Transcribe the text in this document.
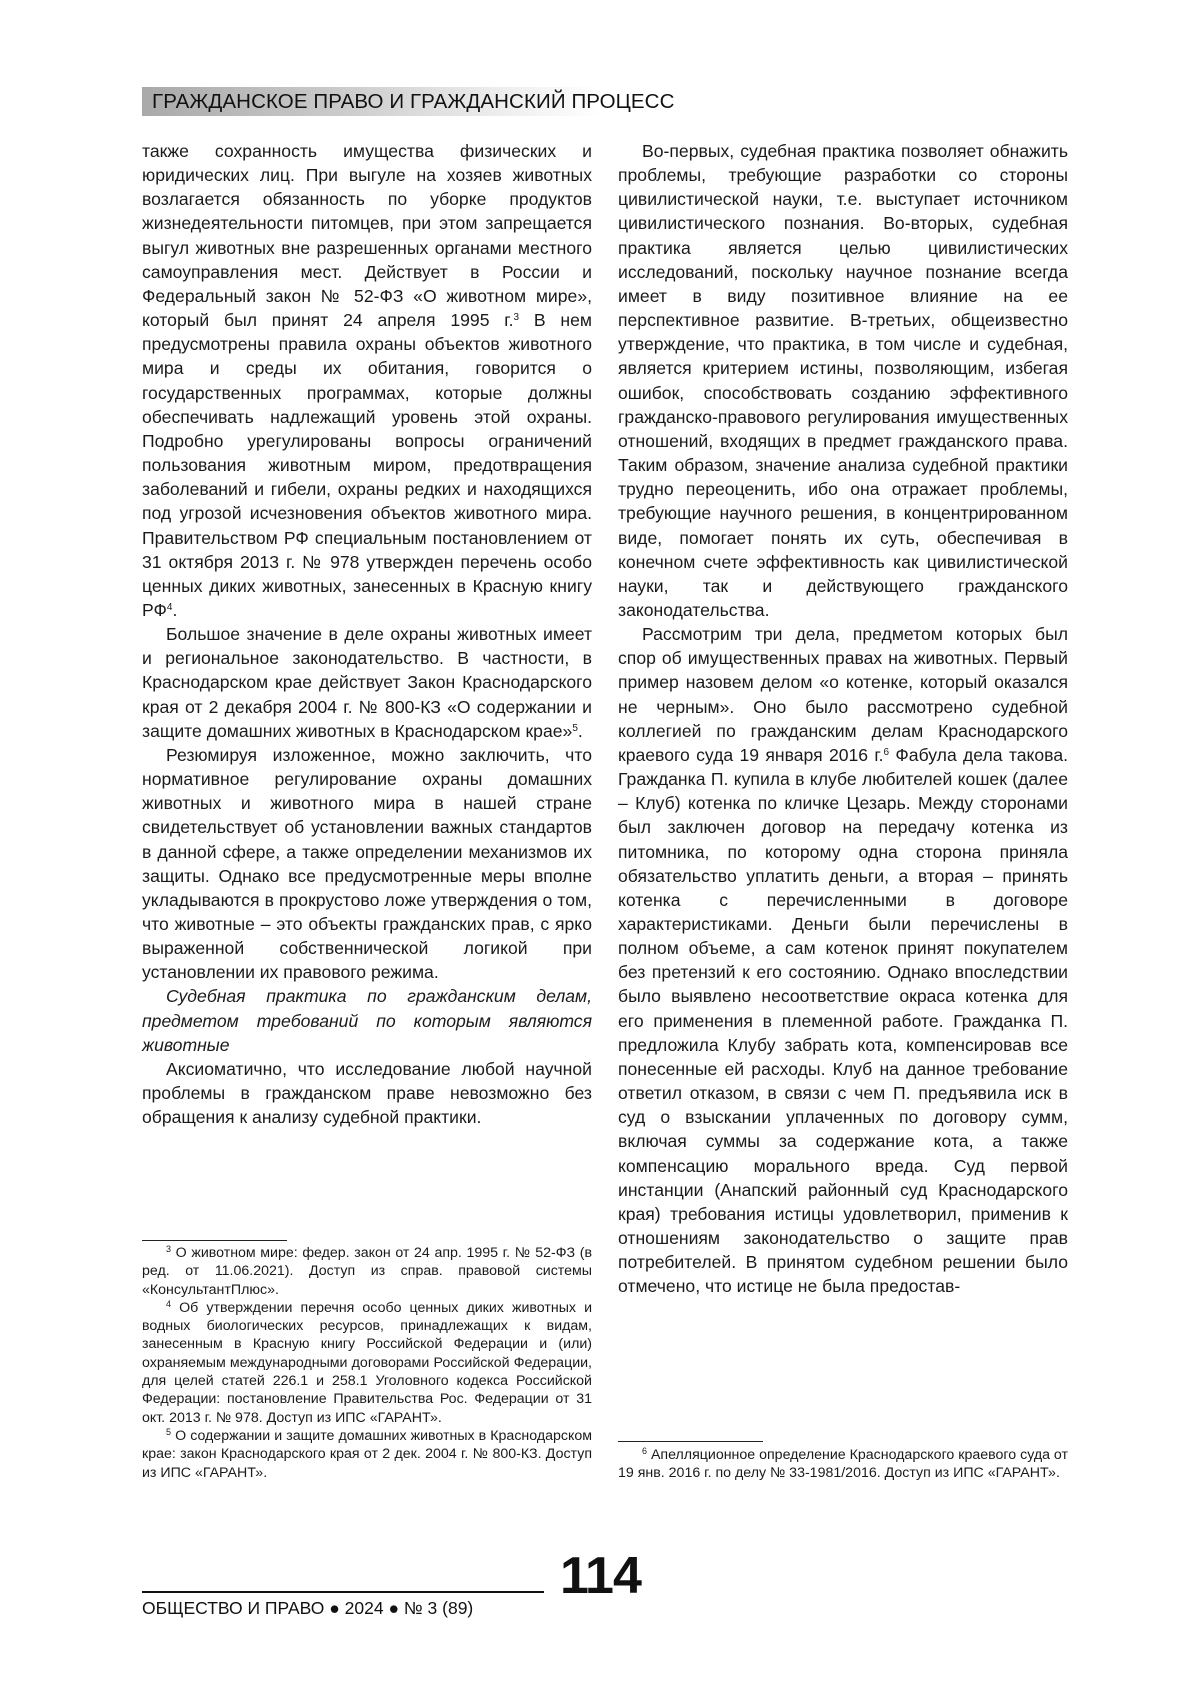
ГРАЖДАНСКОЕ ПРАВО И ГРАЖДАНСКИЙ ПРОЦЕСС

также сохранность имущества физических и юридических лиц. При выгуле на хозяев животных возлагается обязанность по уборке продуктов жизнедеятельности питомцев, при этом запрещается выгул животных вне разрешенных органами местного самоуправления мест. Действует в России и Федеральный закон № 52-ФЗ «О животном мире», который был принят 24 апреля 1995 г.$^3$ В нем предусмотрены правила охраны объектов животного мира и среды их обитания, говорится о государственных программах, которые должны обеспечивать надлежащий уровень этой охраны. Подробно урегулированы вопросы ограничений пользования животным миром, предотвращения заболеваний и гибели, охраны редких и находящихся под угрозой исчезновения объектов животного мира. Правительством РФ специальным постановлением от 31 октября 2013 г. № 978 утвержден перечень особо ценных диких животных, занесенных в Красную книгу $РФ^4$.

Большое значение в деле охраны животных имеет и региональное законодательство. В частности, в Краснодарском крае действует Закон Краснодарского края от 2 декабря 2004 г. № 800-КЗ «О содержании и защите домашних животных в Краснодарском крае»$^5$.

Резюмируя изложенное, можно заключить, что нормативное регулирование охраны домашних животных и животного мира в нашей стране свидетельствует об установлении важных стандартов в данной сфере, а также определении механизмов их защиты. Однако все предусмотренные меры вполне укладываются в прокрустово ложе утверждения о том, что животные – это объекты гражданских прав, с ярко выраженной собственнической логикой при установлении их правового режима.

Судебная практика по гражданским делам, предметом требований по которым являются животные

Аксиоматично, что исследование любой научной проблемы в гражданском праве невозможно без обращения к анализу судебной практики.

$^3$ О животном мире: федер. закон от 24 апр. 1995 г. № 52-ФЗ (в ред. от 11.06.2021). Доступ из справ. правовой системы «КонсультантПлюс».

$^4$ Об утверждении перечня особо ценных диких животных и водных биологических ресурсов, принадлежащих к видам, занесенным в Красную книгу Российской Федерации и (или) охраняемым международными договорами Российской Федерации, для целей статей 226.1 и 258.1 Уголовного кодекса Российской Федерации: постановление Правительства Рос. Федерации от 31 окт. 2013 г. № 978. Доступ из ИПС «ГАРАНТ».

$^5$ О содержании и защите домашних животных в Краснодарском крае: закон Краснодарского края от 2 дек. 2004 г. № 800-КЗ. Доступ из ИПС «ГАРАНТ».

Во-первых, судебная практика позволяет обнажить проблемы, требующие разработки со стороны цивилистической науки, т.е. выступает источником цивилистического познания. Во-вторых, судебная практика является целью цивилистических исследований, поскольку научное познание всегда имеет в виду позитивное влияние на ее перспективное развитие. В-третьих, общеизвестно утверждение, что практика, в том числе и судебная, является критерием истины, позволяющим, избегая ошибок, способствовать созданию эффективного гражданско-правового регулирования имущественных отношений, входящих в предмет гражданского права. Таким образом, значение анализа судебной практики трудно переоценить, ибо она отражает проблемы, требующие научного решения, в концентрированном виде, помогает понять их суть, обеспечивая в конечном счете эффективность как цивилистической науки, так и действующего гражданского законодательства.

Рассмотрим три дела, предметом которых был спор об имущественных правах на животных. Первый пример назовем делом «о котенке, который оказался не черным». Оно было рассмотрено судебной коллегией по гражданским делам Краснодарского краевого суда 19 января 2016 г.$^6$ Фабула дела такова. Гражданка П. купила в клубе любителей кошек (далее – Клуб) котенка по кличке Цезарь. Между сторонами был заключен договор на передачу котенка из питомника, по которому одна сторона приняла обязательство уплатить деньги, а вторая – принять котенка с перечисленными в договоре характеристиками. Деньги были перечислены в полном объеме, а сам котенок принят покупателем без претензий к его состоянию. Однако впоследствии было выявлено несоответствие окраса котенка для его применения в племенной работе. Гражданка П. предложила Клубу забрать кота, компенсировав все понесенные ей расходы. Клуб на данное требование ответил отказом, в связи с чем П. предъявила иск в суд о взыскании уплаченных по договору сумм, включая суммы за содержание кота, а также компенсацию морального вреда. Суд первой инстанции (Анапский районный суд Краснодарского края) требования истицы удовлетворил, применив к отношениям законодательство о защите прав потребителей. В принятом судебном решении было отмечено, что истице не была предостав-

$^6$ Апелляционное определение Краснодарского краевого суда от 19 янв. 2016 г. по делу № 33-1981/2016. Доступ из ИПС «ГАРАНТ».

114
ОБЩЕСТВО И ПРАВО ● 2024 ● № 3 (89)
